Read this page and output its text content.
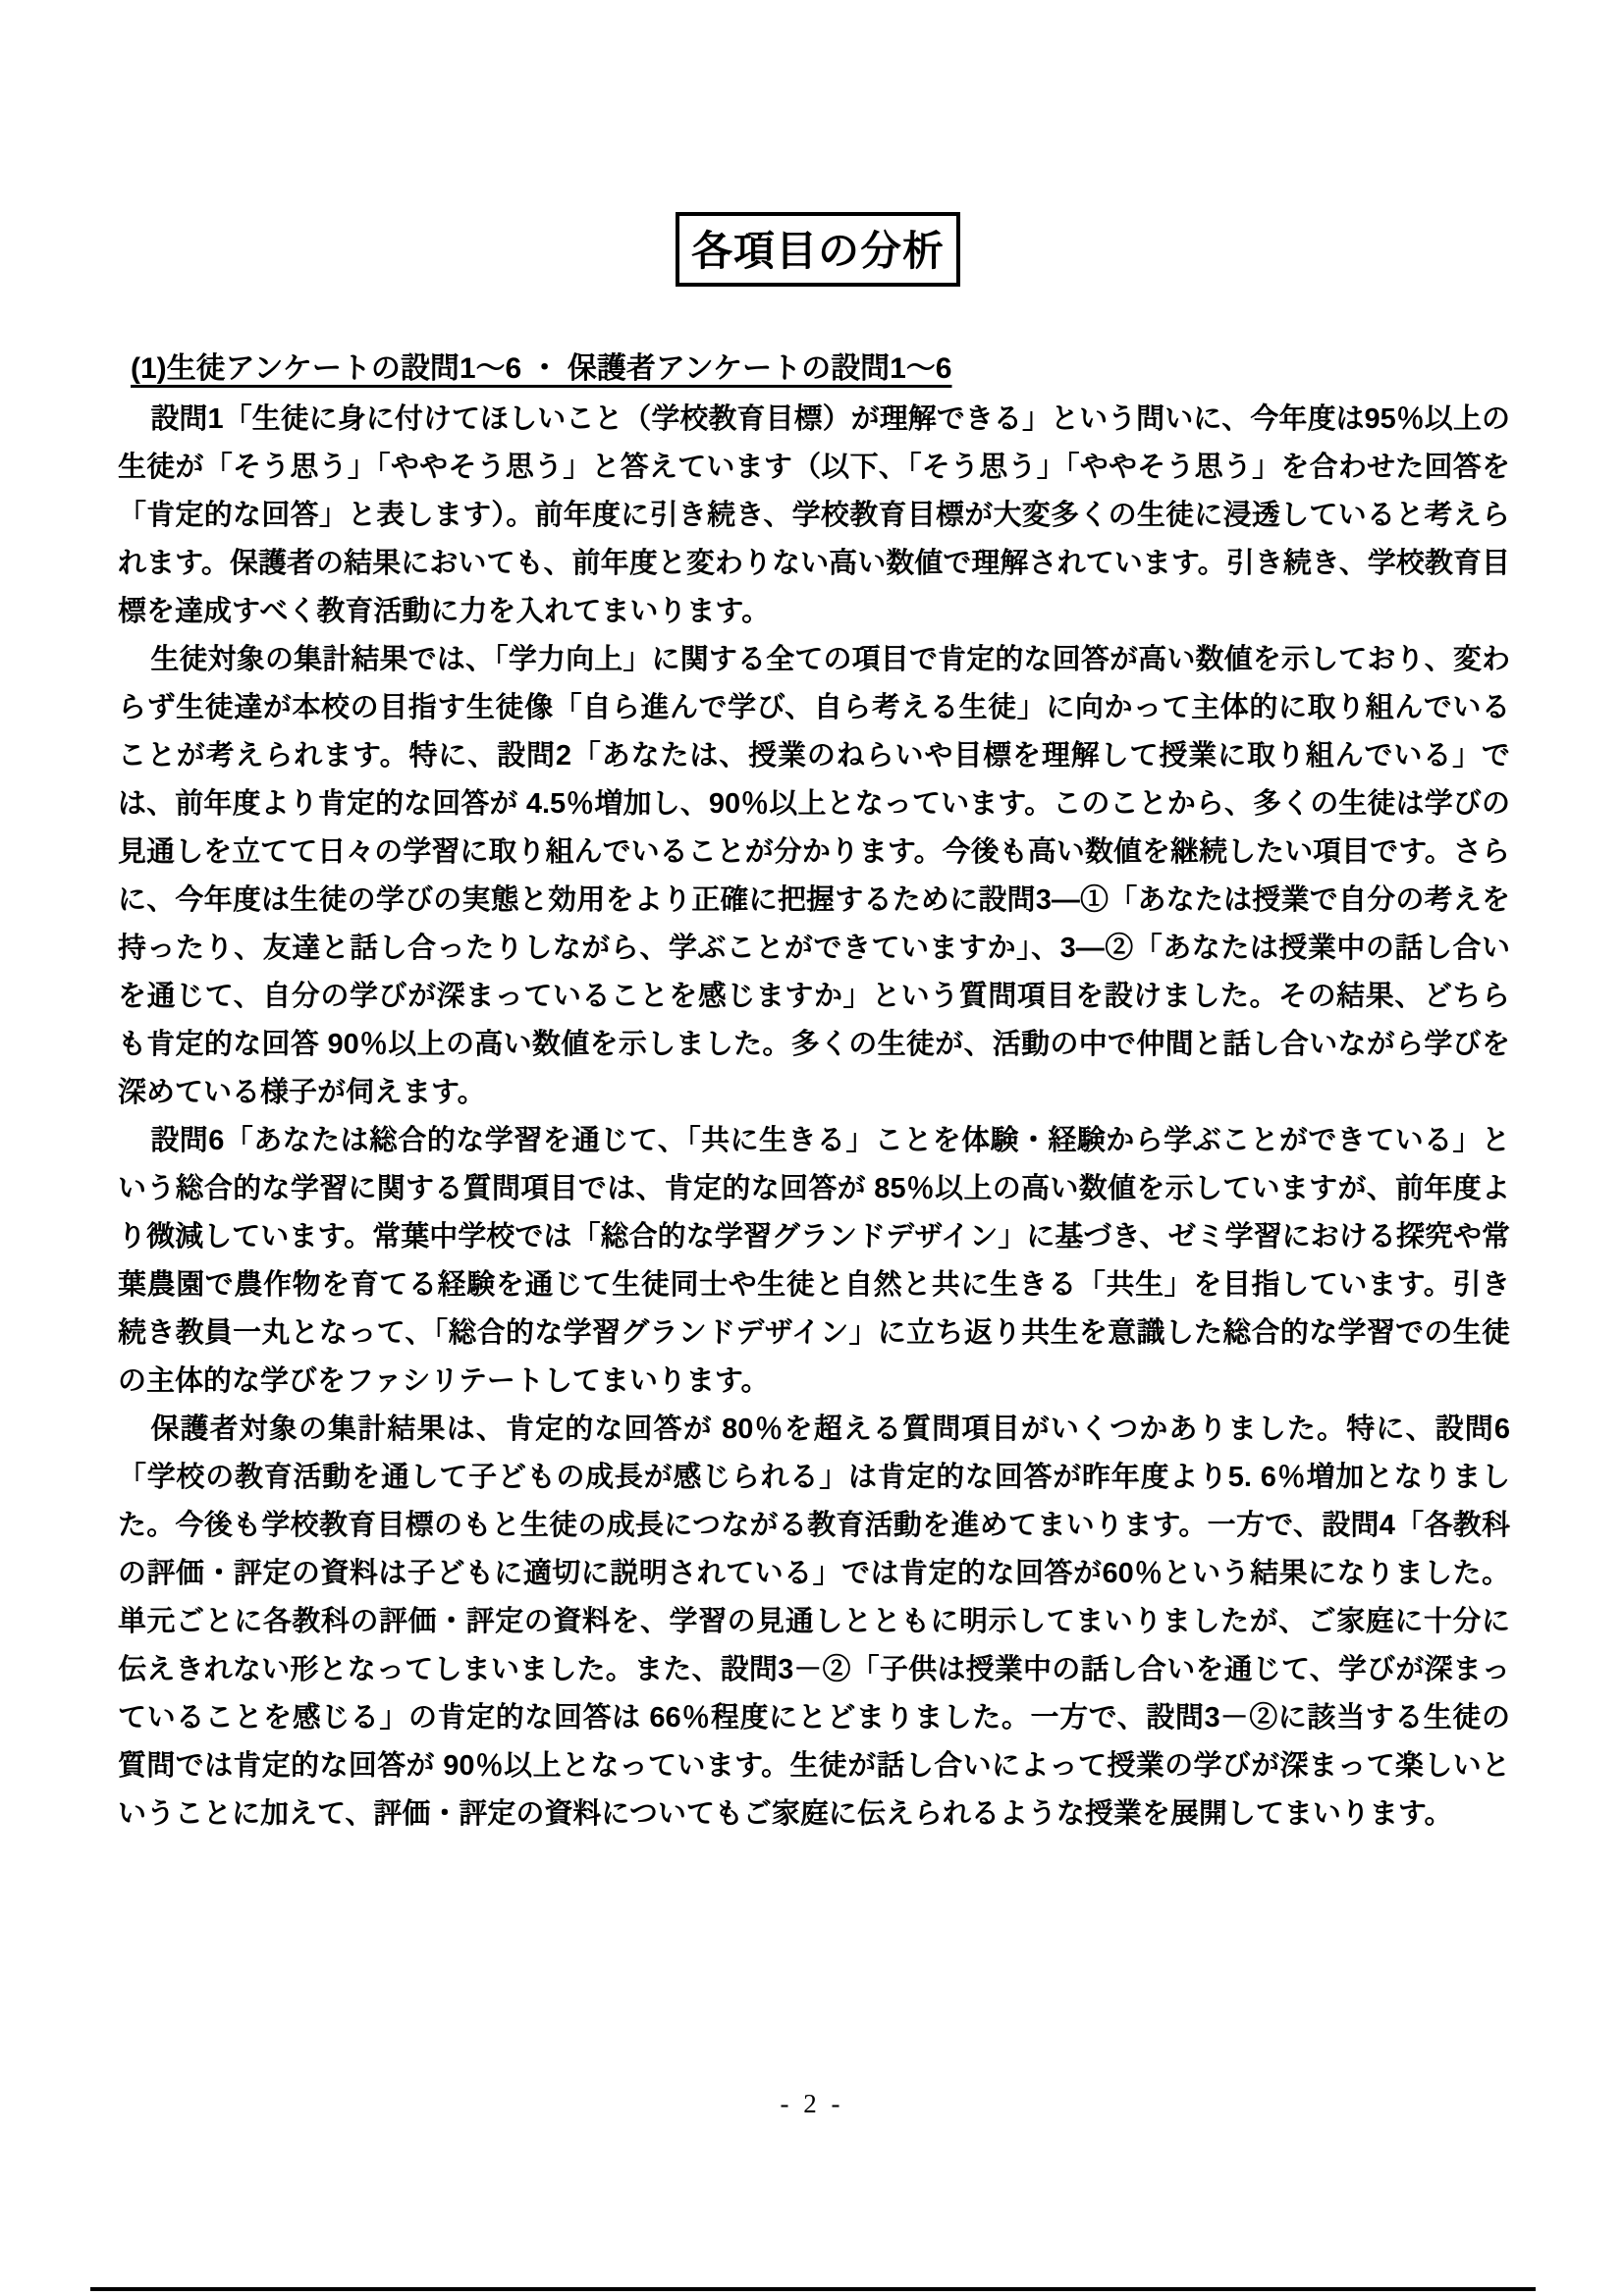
各項目の分析
(1)生徒アンケートの設問1～6 ・ 保護者アンケートの設問1～6

設問1「生徒に身に付けてほしいこと（学校教育目標）が理解できる」という問いに、今年度は95％以上の生徒が「そう思う」「ややそう思う」と答えています（以下、「そう思う」「ややそう思う」を合わせた回答を「肯定的な回答」と表します）。前年度に引き続き、学校教育目標が大変多くの生徒に浸透していると考えられます。保護者の結果においても、前年度と変わりない高い数値で理解されています。引き続き、学校教育目標を達成すべく教育活動に力を入れてまいります。

生徒対象の集計結果では、「学力向上」に関する全ての項目で肯定的な回答が高い数値を示しており、変わらず生徒達が本校の目指す生徒像「自ら進んで学び、自ら考える生徒」に向かって主体的に取り組んでいることが考えられます。特に、設問2「あなたは、授業のねらいや目標を理解して授業に取り組んでいる」では、前年度より肯定的な回答が 4.5％増加し、90％以上となっています。このことから、多くの生徒は学びの見通しを立てて日々の学習に取り組んでいることが分かります。今後も高い数値を継続したい項目です。さらに、今年度は生徒の学びの実態と効用をより正確に把握するために設問3―①「あなたは授業で自分の考えを持ったり、友達と話し合ったりしながら、学ぶことができていますか」、3―②「あなたは授業中の話し合いを通じて、自分の学びが深まっていることを感じますか」という質問項目を設けました。その結果、どちらも肯定的な回答 90％以上の高い数値を示しました。多くの生徒が、活動の中で仲間と話し合いながら学びを深めている様子が伺えます。

設問6「あなたは総合的な学習を通じて、「共に生きる」ことを体験・経験から学ぶことができている」という総合的な学習に関する質問項目では、肯定的な回答が 85％以上の高い数値を示していますが、前年度より微減しています。常葉中学校では「総合的な学習グランドデザイン」に基づき、ゼミ学習における探究や常葉農園で農作物を育てる経験を通じて生徒同士や生徒と自然と共に生きる「共生」を目指しています。引き続き教員一丸となって、「総合的な学習グランドデザイン」に立ち返り共生を意識した総合的な学習での生徒の主体的な学びをファシリテートしてまいります。

保護者対象の集計結果は、肯定的な回答が 80％を超える質問項目がいくつかありました。特に、設問6「学校の教育活動を通して子どもの成長が感じられる」は肯定的な回答が昨年度より5. 6％増加となりました。今後も学校教育目標のもと生徒の成長につながる教育活動を進めてまいります。一方で、設問4「各教科の評価・評定の資料は子どもに適切に説明されている」では肯定的な回答が60％という結果になりました。単元ごとに各教科の評価・評定の資料を、学習の見通しとともに明示してまいりましたが、ご家庭に十分に伝えきれない形となってしまいました。また、設問3－②「子供は授業中の話し合いを通じて、学びが深まっていることを感じる」の肯定的な回答は 66％程度にとどまりました。一方で、設問3－②に該当する生徒の質問では肯定的な回答が 90％以上となっています。生徒が話し合いによって授業の学びが深まって楽しいということに加えて、評価・評定の資料についてもご家庭に伝えられるような授業を展開してまいります。

- 2 -
